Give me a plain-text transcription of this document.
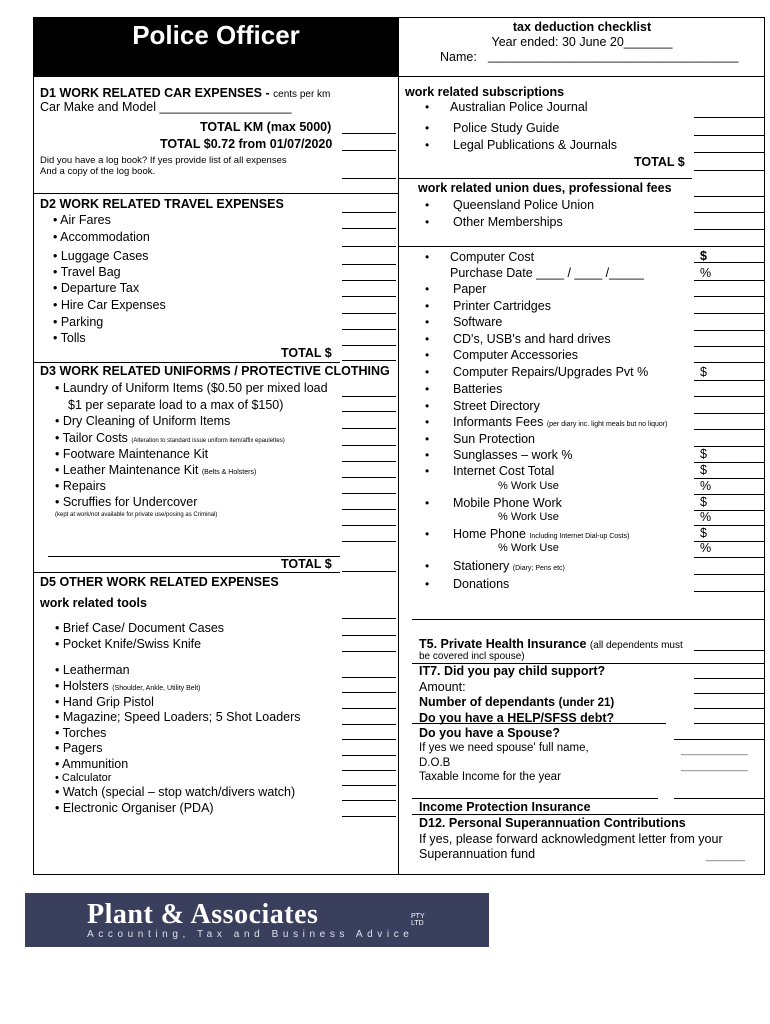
Police Officer	tax deduction checklist
Year ended: 30 June 20_______
Name: ____________________________________
D1 WORK RELATED CAR EXPENSES - cents per km
Car Make and Model ___________________
TOTAL KM (max 5000)
TOTAL $0.72 from 01/07/2020
Did you have a log book? If yes provide list of all expenses
And a copy of the log book.
D2 WORK RELATED TRAVEL EXPENSES
• Air Fares
• Accommodation
• Luggage Cases
• Travel Bag
• Departure Tax
• Hire Car Expenses
• Parking
• Tolls
TOTAL $
D3 WORK RELATED UNIFORMS / PROTECTIVE CLOTHING
• Laundry of Uniform Items ($0.50 per mixed load
$1 per separate load to a max of $150)
• Dry Cleaning of Uniform Items
• Tailor Costs (Alteration to standard issue uniform item/affix epaulettes)
• Footware Maintenance Kit
• Leather Maintenance Kit (Belts & Holsters)
• Repairs
• Scruffies for Undercover
(kept at work/not available for private use/posing as Criminal)
TOTAL $
D5 OTHER WORK RELATED EXPENSES
work related tools
• Brief Case/ Document Cases
• Pocket Knife/Swiss Knife
• Leatherman
• Holsters (Shoulder, Ankle, Utility Belt)
• Hand Grip Pistol
• Magazine; Speed Loaders; 5 Shot Loaders
• Torches
• Pagers
• Ammunition
• Calculator
• Watch (special – stop watch/divers watch)
• Electronic Organiser (PDA)
work related subscriptions
• Australian Police Journal
• Police Study Guide
• Legal Publications & Journals
TOTAL $
work related union dues, professional fees
• Queensland Police Union
• Other Memberships
• Computer Cost	$
Purchase Date ____ / ____ /_____	%
• Paper
• Printer Cartridges
• Software
• CD's, USB's and hard drives
• Computer Accessories
• Computer Repairs/Upgrades Pvt %	$
• Batteries
• Street Directory
• Informants Fees (per diary inc. light meals but no liquor)
• Sun Protection
• Sunglasses – work %	$
• Internet Cost Total	$
% Work Use	%
• Mobile Phone Work	$
% Work Use	%
• Home Phone Including Internet Dial-up Costs)	$
% Work Use	%
• Stationery (Diary; Pens etc)
• Donations
T5. Private Health Insurance (all dependents must
be covered incl spouse)
IT7. Did you pay child support?
Amount:
Number of dependants (under 21)
Do you have a HELP/SFSS debt?
Do you have a Spouse?
If yes we need spouse' full name,	____________
D.O.B	____________
Taxable Income for the year
Income Protection Insurance
D12. Personal Superannuation Contributions
If yes, please forward acknowledgment letter from your
Superannuation fund	_______
Plant & Associates	PTY LTD
Accounting, Tax and Business Advice
